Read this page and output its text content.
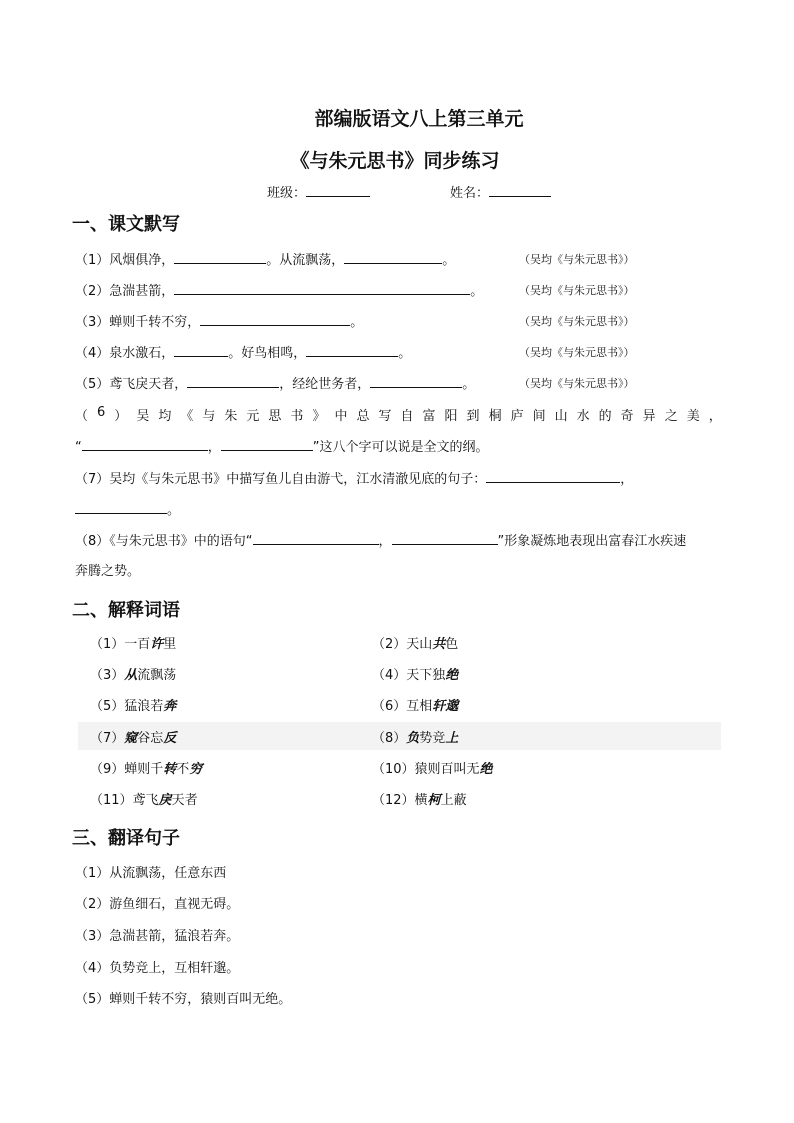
部编版语文八上第三单元
《与朱元思书》同步练习
班级：	姓名：
一、课文默写
（1）风烟俱净，	。从流飘荡，	。	（吴均《与朱元思书》）
（2）急湍甚箭，	。	（吴均《与朱元思书》）
（3）蝉则千转不穷，	。	（吴均《与朱元思书》）
（4）泉水激石，	。好鸟相鸣，	。	（吴均《与朱元思书》）
（5）鸢飞戾天者，	，经纶世务者，	。	（吴均《与朱元思书》）
（ 6 ） 吴 均 《 与 朱 元 思 书 》 中 总 写 自 富 阳 到 桐 庐 间 山 水 的 奇 异 之 美 ，
“	，	”这八个字可以说是全文的纲。
（7）吴均《与朱元思书》中描写鱼儿自由游弋，江水清澈见底的句子：	，
。
（8）《与朱元思书》中的语句“	，	”形象凝炼地表现出富春江水疾速
奔腾之势。
二、解释词语
（1）一百许里	（2）天山共色
（3）从流飘荡	（4）天下独绝
（5）猛浪若奔	（6）互相轩邈
（7）窥谷忘反	（8）负势竞上
（9）蝉则千转不穷	（10）猿则百叫无绝
（11）鸢飞戾天者	（12）横柯上蔽
三、翻译句子
（1）从流飘荡，任意东西
（2）游鱼细石，直视无碍。
（3）急湍甚箭，猛浪若奔。
（4）负势竞上，互相轩邈。
（5）蝉则千转不穷，猿则百叫无绝。
